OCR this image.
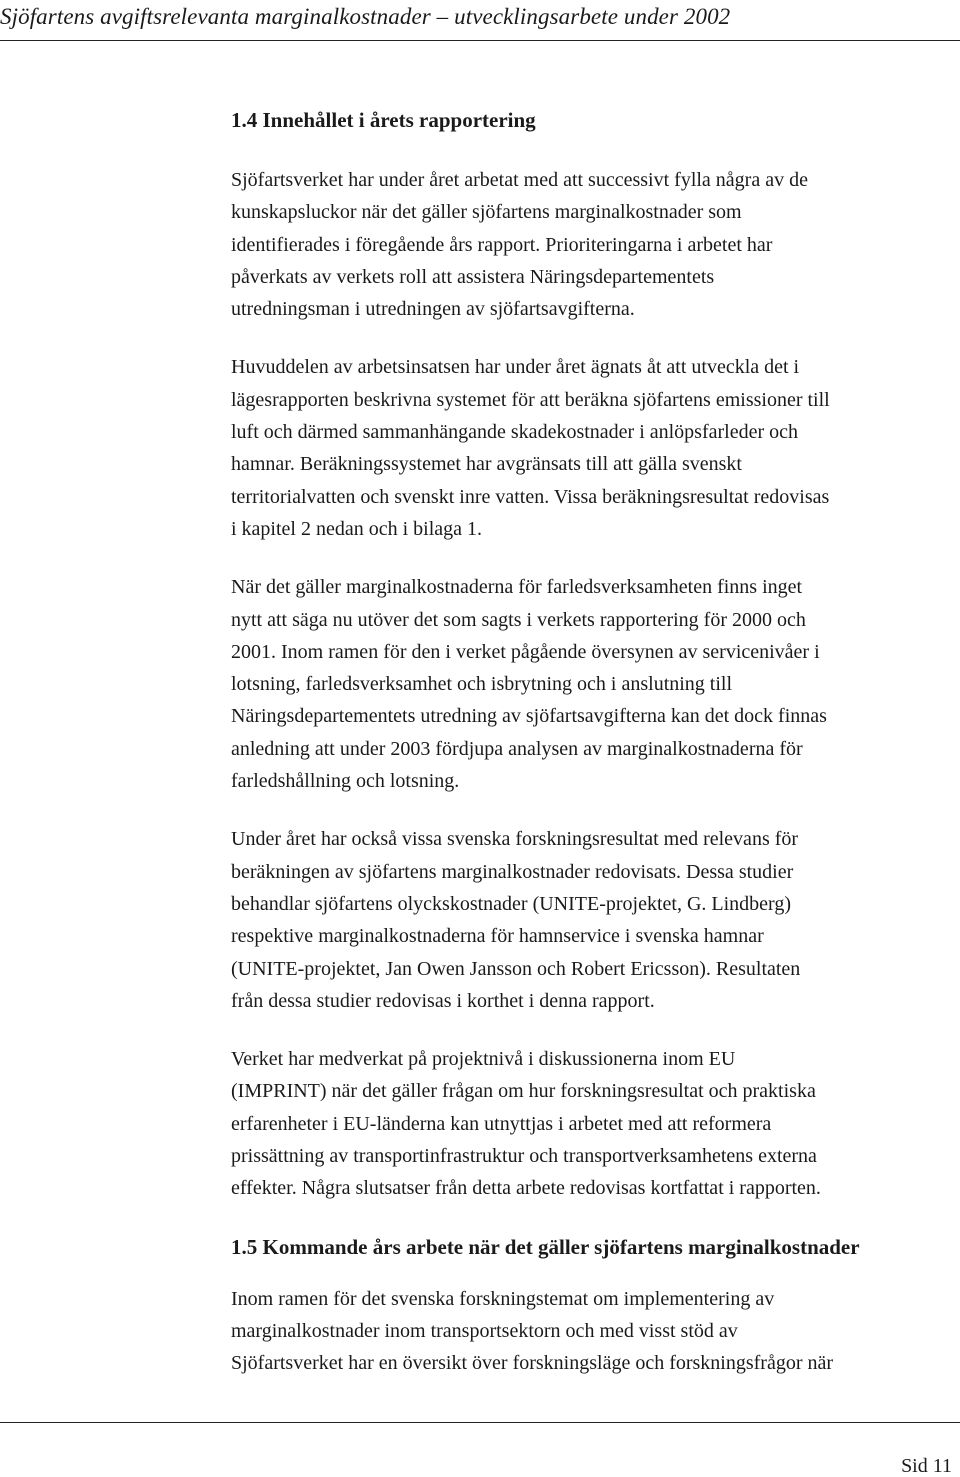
Sjöfartens avgiftsrelevanta marginalkostnader – utvecklingsarbete under 2002
1.4 Innehållet i årets rapportering

Sjöfartsverket har under året arbetat med att successivt fylla några av de
kunskapsluckor när det gäller sjöfartens marginalkostnader som
identifierades i föregående års rapport. Prioriteringarna i arbetet har
påverkats av verkets roll att assistera Näringsdepartementets
utredningsman i utredningen av sjöfartsavgifterna.

Huvuddelen av arbetsinsatsen har under året ägnats åt att utveckla det i
lägesrapporten beskrivna systemet för att beräkna sjöfartens emissioner till
luft och därmed sammanhängande skadekostnader i anlöpsfarleder och
hamnar. Beräkningssystemet har avgränsats till att gälla svenskt
territorialvatten och svenskt inre vatten. Vissa beräkningsresultat redovisas
i kapitel 2 nedan och i bilaga 1.

När det gäller marginalkostnaderna för farledsverksamheten finns inget
nytt att säga nu utöver det som sagts i verkets rapportering för 2000 och
2001. Inom ramen för den i verket pågående översynen av servicenivåer i
lotsning, farledsverksamhet och isbrytning och i anslutning till
Näringsdepartementets utredning av sjöfartsavgifterna kan det dock finnas
anledning att under 2003 fördjupa analysen av marginalkostnaderna för
farledshållning och lotsning.

Under året har också vissa svenska forskningsresultat med relevans för
beräkningen av sjöfartens marginalkostnader redovisats. Dessa studier
behandlar sjöfartens olyckskostnader (UNITE-projektet, G. Lindberg)
respektive marginalkostnaderna för hamnservice i svenska hamnar
(UNITE-projektet, Jan Owen Jansson och Robert Ericsson). Resultaten
från dessa studier redovisas i korthet i denna rapport.

Verket har medverkat på projektnivå i diskussionerna inom EU
(IMPRINT) när det gäller frågan om hur forskningsresultat och praktiska
erfarenheter i EU-länderna kan utnyttjas i arbetet med att reformera
prissättning av transportinfrastruktur och transportverksamhetens externa
effekter. Några slutsatser från detta arbete redovisas kortfattat i rapporten.

1.5 Kommande års arbete när det gäller sjöfartens marginalkostnader

Inom ramen för det svenska forskningstemat om implementering av
marginalkostnader inom transportsektorn och med visst stöd av
Sjöfartsverket har en översikt över forskningsläge och forskningsfrågor när

Sid 11
